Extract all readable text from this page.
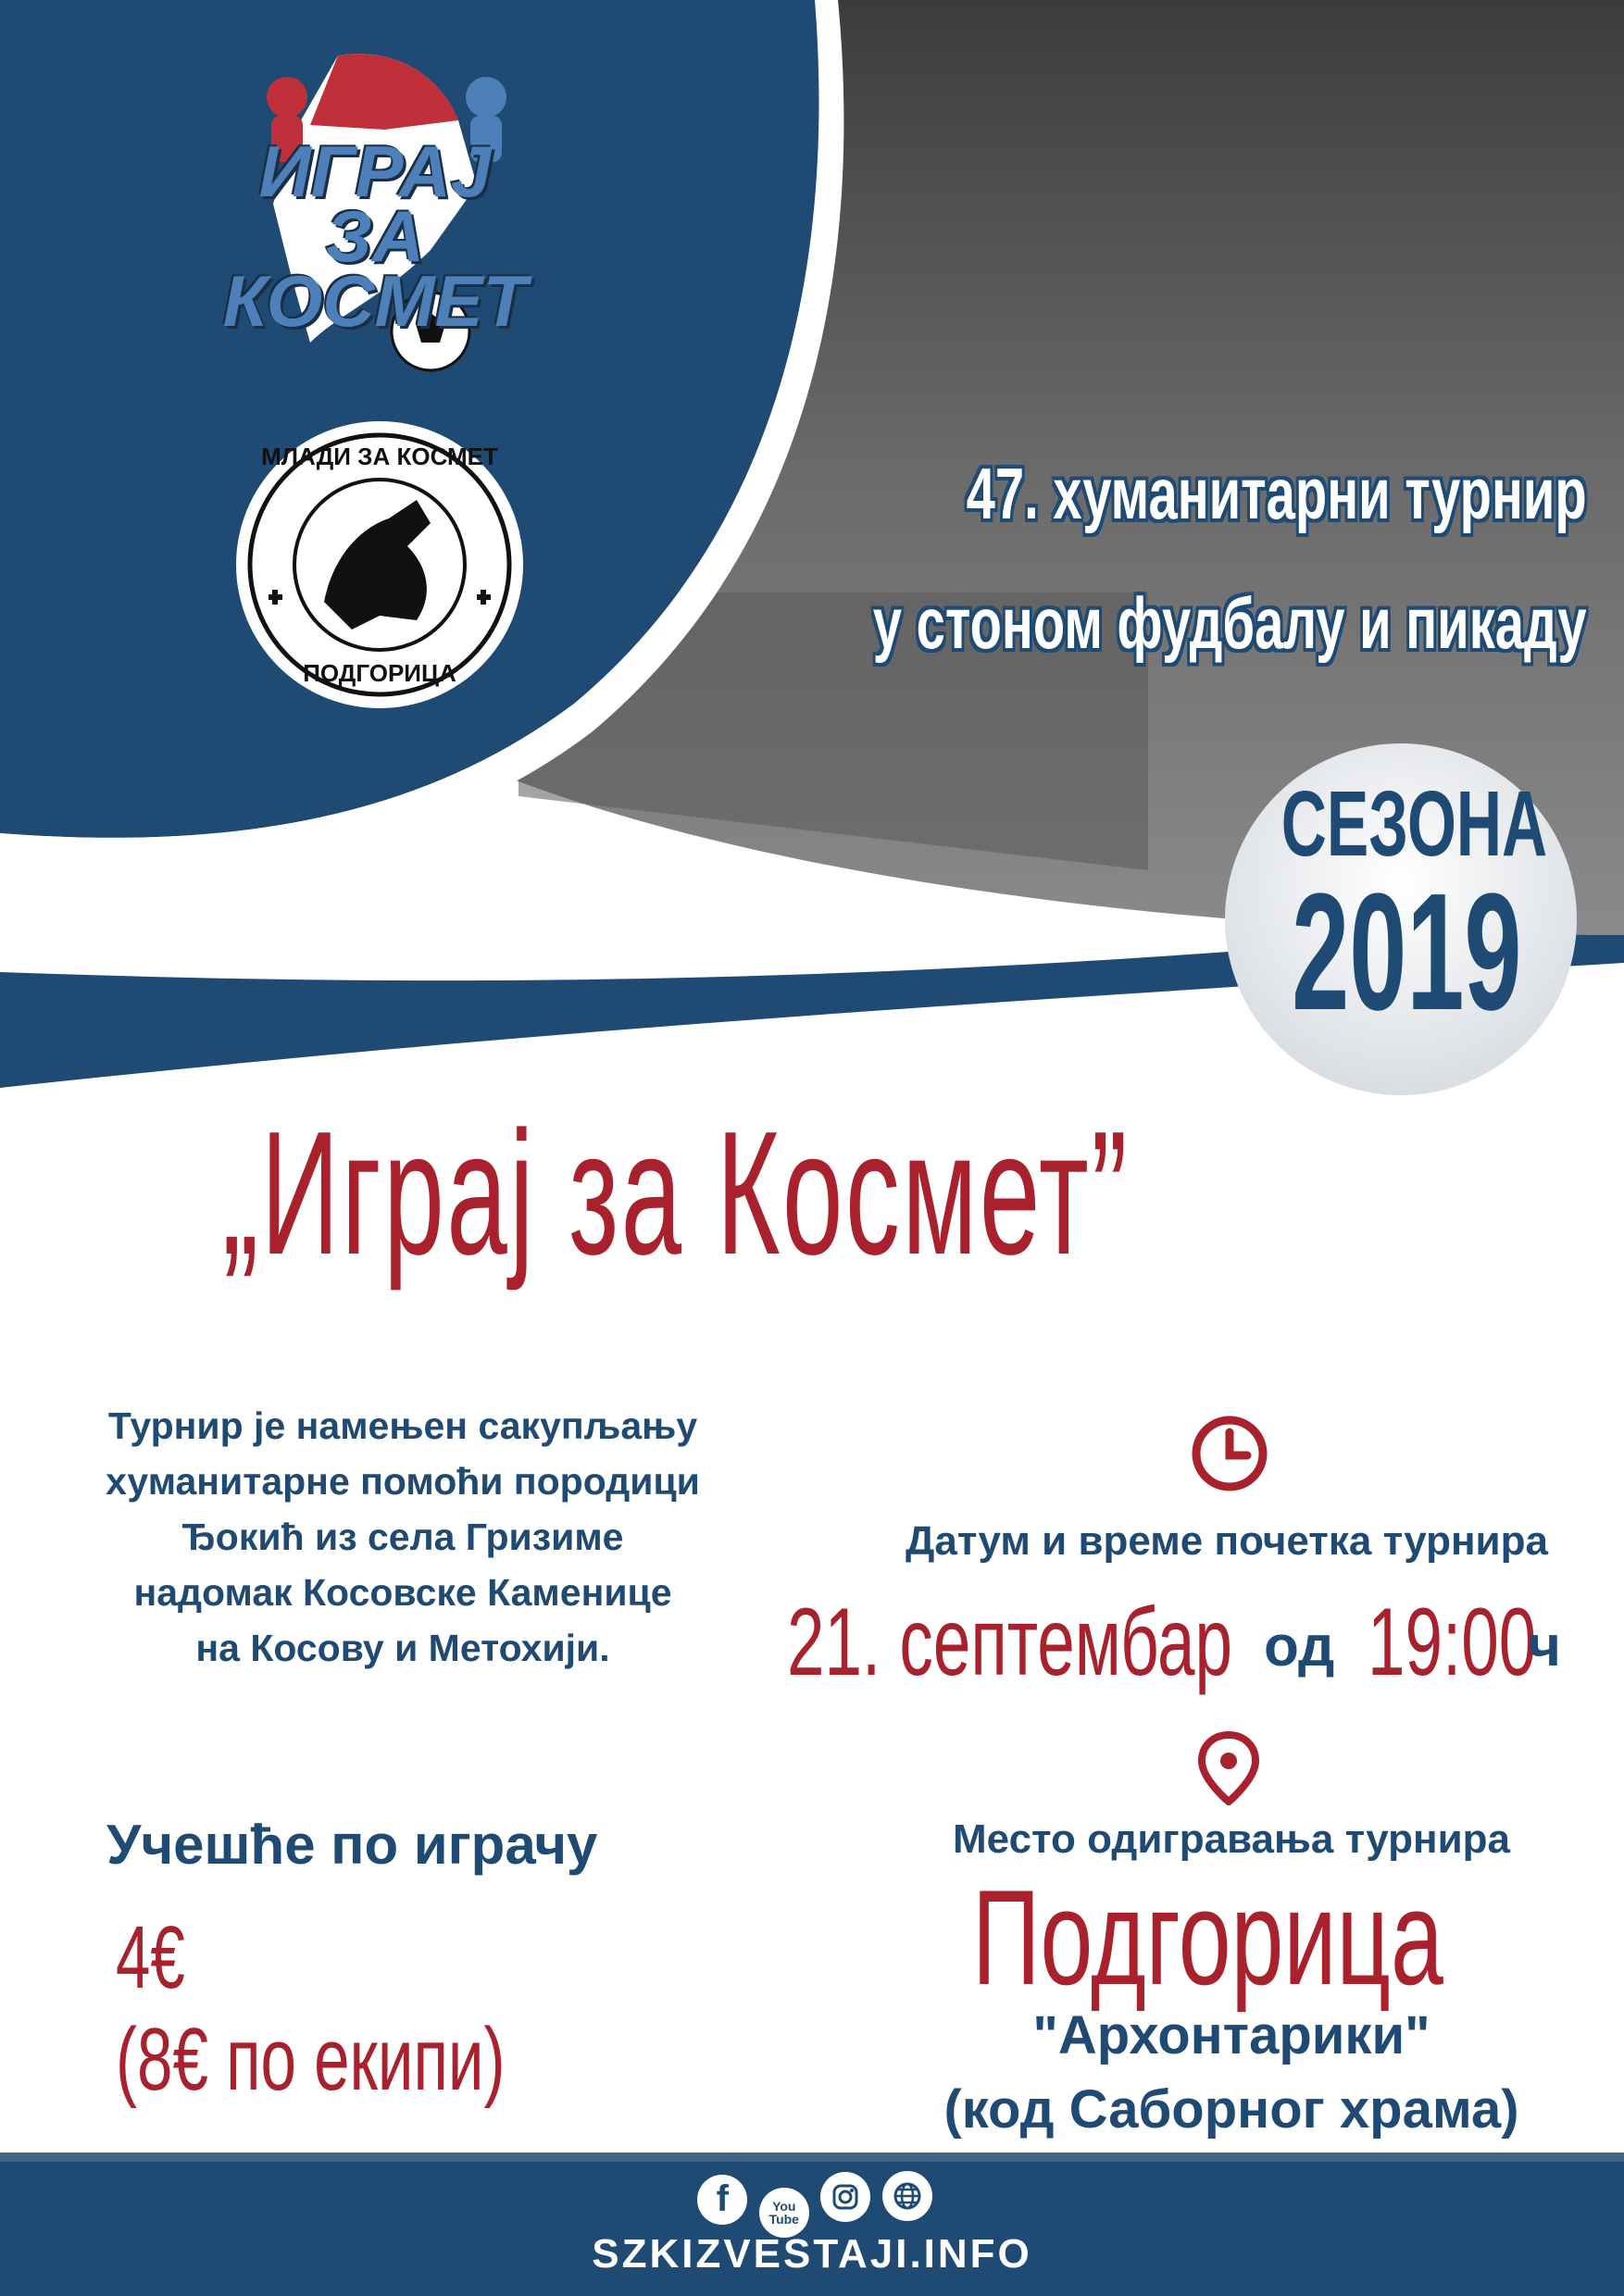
ИГРАЈ ЗА
КОСМЕТ
МЛАДИ ЗА КОСМЕТ
ПОДГОРИЦА
47. хуманитарни турнир
у стоном фудбалу и пикаду
СЕЗОНА
2019
„Играј за Космет”
Турнир је намењен сакупљању
хуманитарне помоћи породици
Ђокић из села Гризиме
надомак Косовске Каменице
на Косову и Метохији.
Датум и време почетка турнира
21. септембар од 19:00
ч
Учешће по играчу
4€
(8€ по екипи)
Место одигравања турнира
Подгорица
"Архонтарики"
(код Саборног храма)
f
	You
Tube

SZKIZVESTAJI.INFO
